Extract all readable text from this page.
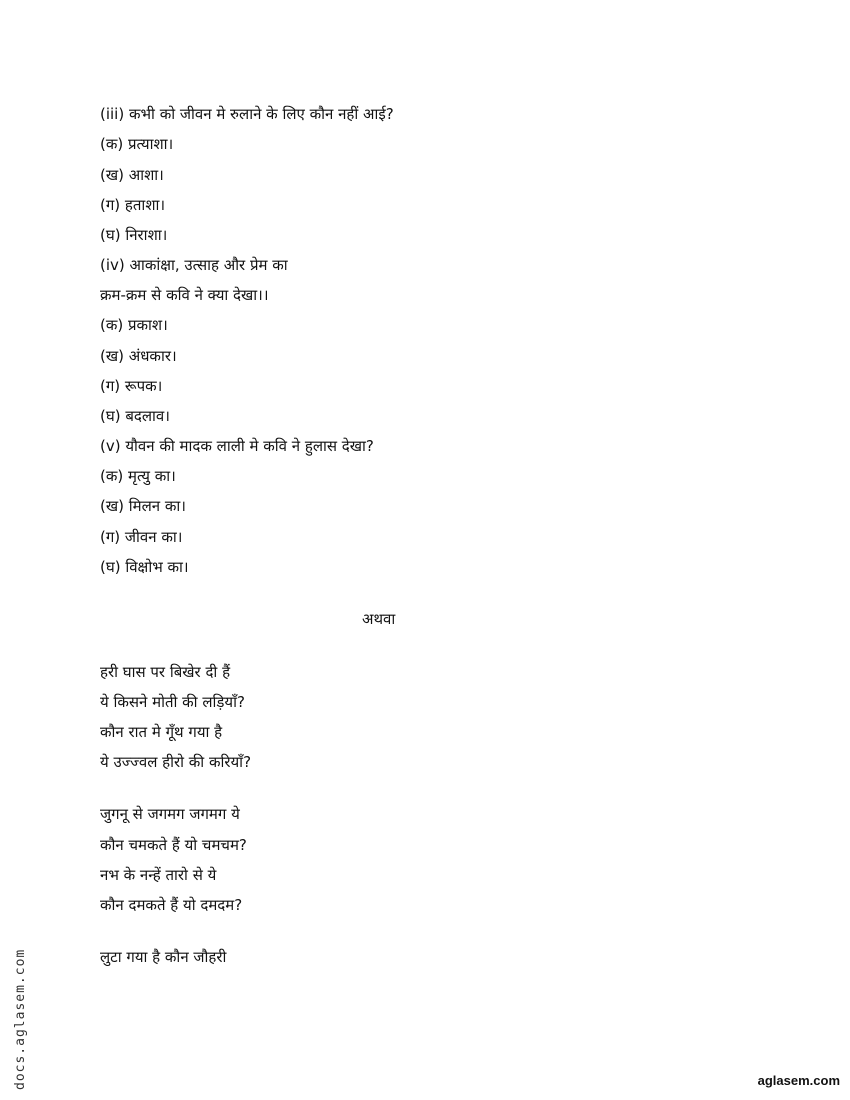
(iii) कभी को जीवन मे रुलाने के लिए कौन नहीं आई?
(क) प्रत्याशा।
(ख) आशा।
(ग) हताशा।
(घ) निराशा।
(iv) आकांक्षा, उत्साह और प्रेम का
क्रम-क्रम से कवि ने क्या देखा।।
(क) प्रकाश।
(ख) अंधकार।
(ग) रूपक।
(घ) बदलाव।
(v) यौवन की मादक लाली मे कवि ने हुलास देखा?
(क) मृत्यु का।
(ख) मिलन का।
(ग) जीवन का।
(घ) विक्षोभ का।
अथवा
हरी घास पर बिखेर दी हैं
ये किसने मोती की लड़ियाँ?
कौन रात मे गूँथ गया है
ये उज्ज्वल हीरो की करियाँ?
जुगनू से जगमग जगमग ये
कौन चमकते हैं यो चमचम?
नभ के नन्हें तारो से ये
कौन दमकते हैं यो दमदम?
लुटा गया है कौन जौहरी
docs.aglasem.com	aglasem.com
